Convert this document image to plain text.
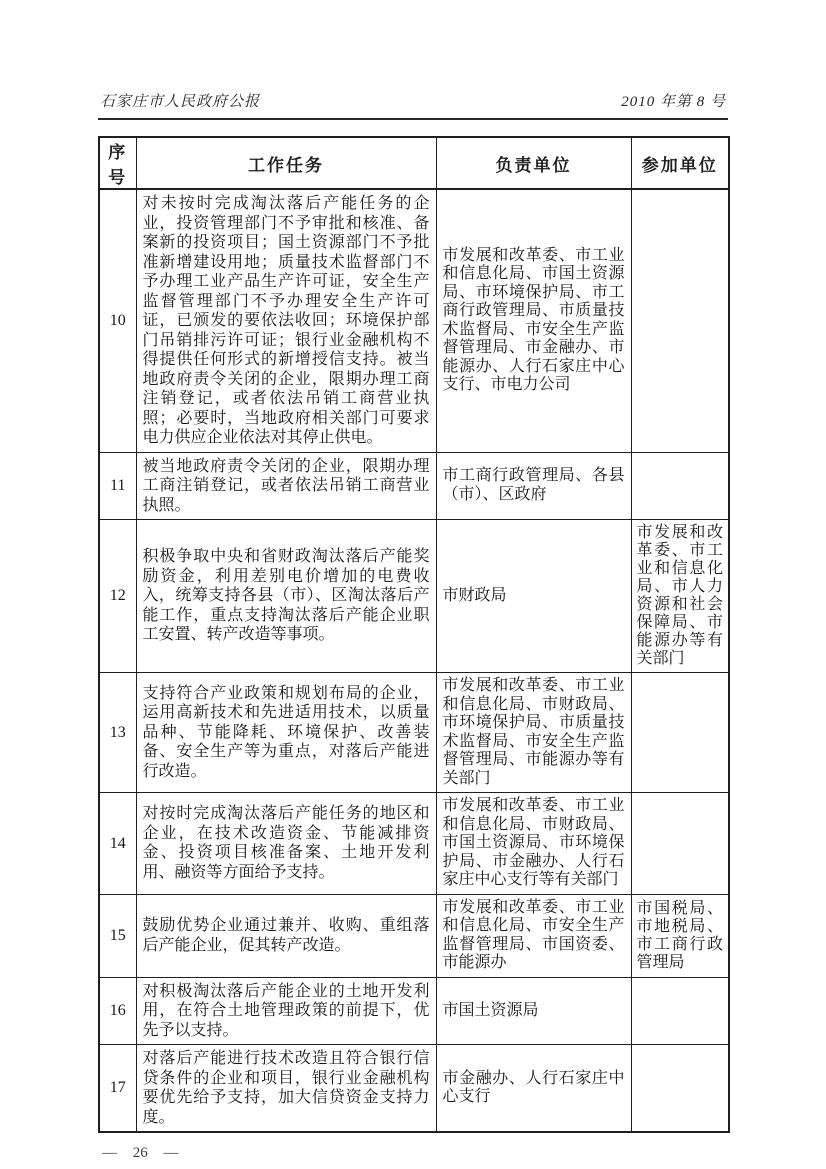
石家庄市人民政府公报	2010 年第 8 号
序号	工作任务	负责单位	参加单位
10	对未按时完成淘汰落后产能任务的企业，投资管理部门不予审批和核准、备案新的投资项目；国土资源部门不予批准新增建设用地；质量技术监督部门不予办理工业产品生产许可证，安全生产监督管理部门不予办理安全生产许可证，已颁发的要依法收回；环境保护部门吊销排污许可证；银行业金融机构不得提供任何形式的新增授信支持。被当地政府责令关闭的企业，限期办理工商注销登记，或者依法吊销工商营业执照；必要时，当地政府相关部门可要求电力供应企业依法对其停止供电。	市发展和改革委、市工业和信息化局、市国土资源局、市环境保护局、市工商行政管理局、市质量技术监督局、市安全生产监督管理局、市金融办、市能源办、人行石家庄中心支行、市电力公司	
11	被当地政府责令关闭的企业，限期办理工商注销登记，或者依法吊销工商营业执照。	市工商行政管理局、各县（市）、区政府	
12	积极争取中央和省财政淘汰落后产能奖励资金，利用差别电价增加的电费收入，统筹支持各县（市）、区淘汰落后产能工作，重点支持淘汰落后产能企业职工安置、转产改造等事项。	市财政局	市发展和改革委、市工业和信息化局、市人力资源和社会保障局、市能源办等有关部门
13	支持符合产业政策和规划布局的企业，运用高新技术和先进适用技术，以质量品种、节能降耗、环境保护、改善装备、安全生产等为重点，对落后产能进行改造。	市发展和改革委、市工业和信息化局、市财政局、市环境保护局、市质量技术监督局、市安全生产监督管理局、市能源办等有关部门	
14	对按时完成淘汰落后产能任务的地区和企业，在技术改造资金、节能减排资金、投资项目核准备案、土地开发利用、融资等方面给予支持。	市发展和改革委、市工业和信息化局、市财政局、市国土资源局、市环境保护局、市金融办、人行石家庄中心支行等有关部门	
15	鼓励优势企业通过兼并、收购、重组落后产能企业，促其转产改造。	市发展和改革委、市工业和信息化局、市安全生产监督管理局、市国资委、市能源办	市国税局、市地税局、市工商行政管理局
16	对积极淘汰落后产能企业的土地开发利用，在符合土地管理政策的前提下，优先予以支持。	市国土资源局	
17	对落后产能进行技术改造且符合银行信贷条件的企业和项目，银行业金融机构要优先给予支持，加大信贷资金支持力度。	市金融办、人行石家庄中心支行	
— 26 —
